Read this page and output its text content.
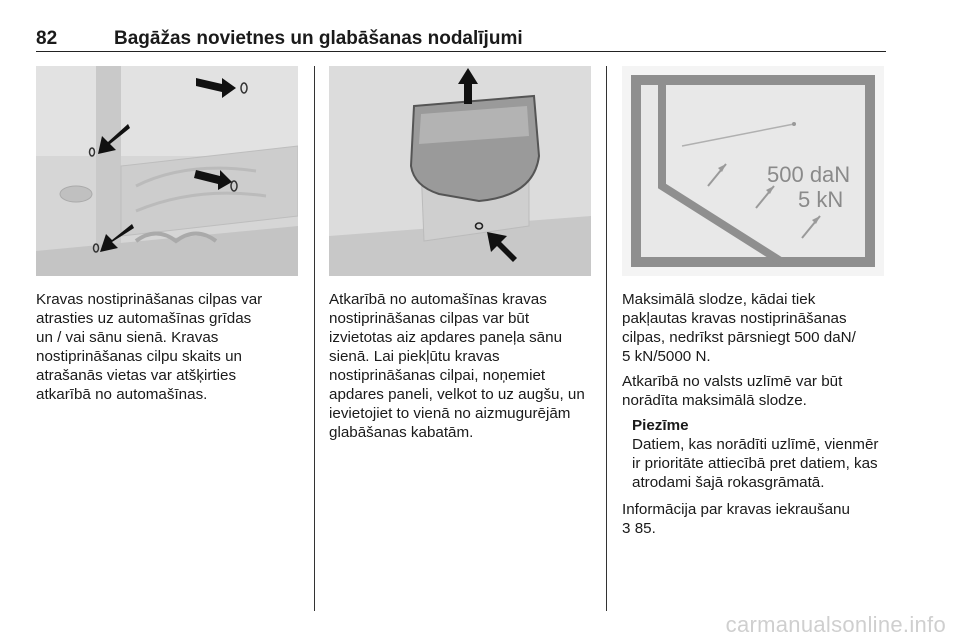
82	Bagāžas novietnes un glabāšanas nodalījumi
500 daN
5 kN

Kravas nostiprināšanas cilpas var
atrasties uz automašīnas grīdas
un / vai sānu sienā. Kravas
nostiprināšanas cilpu skaits un
atrašanās vietas var atšķirties
atkarībā no automašīnas.

Atkarībā no automašīnas kravas
nostiprināšanas cilpas var būt
izvietotas aiz apdares paneļa sānu
sienā. Lai piekļūtu kravas
nostiprināšanas cilpai, noņemiet
apdares paneli, velkot to uz augšu, un
ievietojiet to vienā no aizmugurējām
glabāšanas kabatām.

Maksimālā slodze, kādai tiek
pakļautas kravas nostiprināšanas
cilpas, nedrīkst pārsniegt 500 daN/
5 kN/5000 N.

Atkarībā no valsts uzlīmē var būt
norādīta maksimālā slodze.

Piezīme
Datiem, kas norādīti uzlīmē, vienmēr
ir prioritāte attiecībā pret datiem, kas
atrodami šajā rokasgrāmatā.

Informācija par kravas iekraušanu
3 85.

carmanualsonline.info
